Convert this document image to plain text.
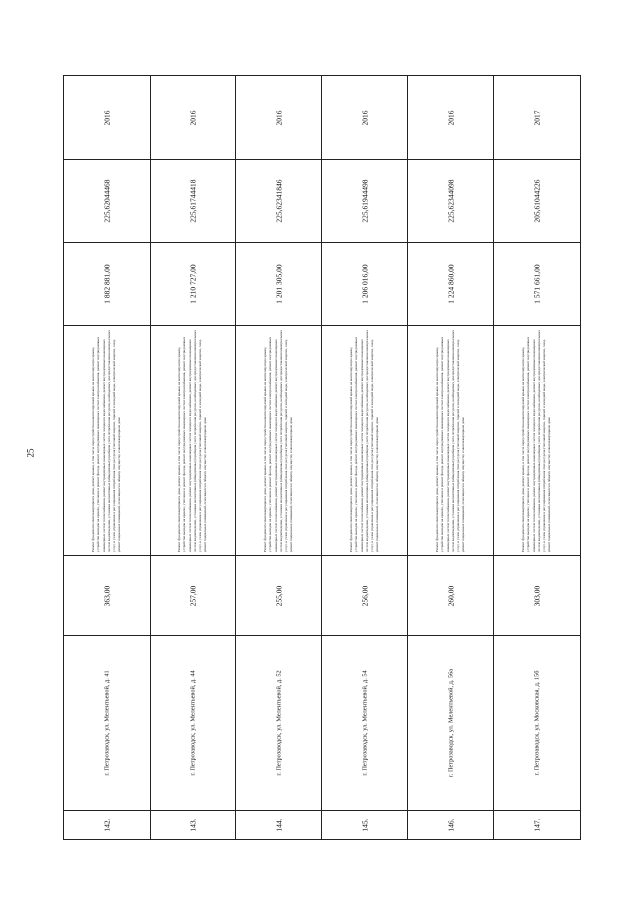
25
2016
225,62044468
1 882 881,00
Ремонт фундамента многоквартирного дома, ремонт крыши, в том числе переустройство невентилируемой крыши на вентилируемую крышу, устройство выходов на кровлю, утепление и ремонт фасада, ремонт внутридомовых инженерных систем электроснабжения, ремонт внутридомовых инженерных систем теплоснабжения, ремонт внутридомовых инженерных систем холодного водоснабжения, ремонт внутридомовых инженерных систем водоотведения, установка коллективных (общедомовых) приборов учета потребления ресурсов, необходимых для предоставления коммунальных услуг, и узлов управления и регулирования потребления этих ресурсов (тепловой энергии, горячей и холодной воды, электрической энергии, газа), ремонт подвальных помещений, относящихся к общему имуществу в многоквартирном доме
363,00
г. Петрозаводск, ул. Мелентьевой, д. 41
142.
2016
225,61744418
1 210 727,00
Ремонт фундамента многоквартирного дома, ремонт крыши, в том числе переустройство невентилируемой крыши на вентилируемую крышу, устройство выходов на кровлю, утепление и ремонт фасада, ремонт внутридомовых инженерных систем электроснабжения, ремонт внутридомовых инженерных систем теплоснабжения, ремонт внутридомовых инженерных систем холодного водоснабжения, ремонт внутридомовых инженерных систем водоотведения, установка коллективных (общедомовых) приборов учета потребления ресурсов, необходимых для предоставления коммунальных услуг, и узлов управления и регулирования потребления этих ресурсов (тепловой энергии, горячей и холодной воды, электрической энергии, газа), ремонт подвальных помещений, относящихся к общему имуществу в многоквартирном доме
257,00
г. Петрозаводск, ул. Мелентьевой, д. 44
143.
2016
225,62341846
1 201 305,00
Ремонт фундамента многоквартирного дома, ремонт крыши, в том числе переустройство невентилируемой крыши на вентилируемую крышу, устройство выходов на кровлю, утепление и ремонт фасада, ремонт внутридомовых инженерных систем электроснабжения, ремонт внутридомовых инженерных систем теплоснабжения, ремонт внутридомовых инженерных систем холодного водоснабжения, ремонт внутридомовых инженерных систем водоотведения, установка коллективных (общедомовых) приборов учета потребления ресурсов, необходимых для предоставления коммунальных услуг, и узлов управления и регулирования потребления этих ресурсов (тепловой энергии, горячей и холодной воды, электрической энергии, газа), ремонт подвальных помещений, относящихся к общему имуществу в многоквартирном доме
255,00
г. Петрозаводск, ул. Мелентьевой, д. 52
144.
2016
225,61944498
1 206 016,00
Ремонт фундамента многоквартирного дома, ремонт крыши, в том числе переустройство невентилируемой крыши на вентилируемую крышу, устройство выходов на кровлю, утепление и ремонт фасада, ремонт внутридомовых инженерных систем электроснабжения, ремонт внутридомовых инженерных систем теплоснабжения, ремонт внутридомовых инженерных систем холодного водоснабжения, ремонт внутридомовых инженерных систем водоотведения, установка коллективных (общедомовых) приборов учета потребления ресурсов, необходимых для предоставления коммунальных услуг, и узлов управления и регулирования потребления этих ресурсов (тепловой энергии, горячей и холодной воды, электрической энергии, газа), ремонт подвальных помещений, относящихся к общему имуществу в многоквартирном доме
256,00
г. Петрозаводск, ул. Мелентьевой, д. 54
145.
2016
225,62344098
1 224 860,00
Ремонт фундамента многоквартирного дома, ремонт крыши, в том числе переустройство невентилируемой крыши на вентилируемую крышу, устройство выходов на кровлю, утепление и ремонт фасада, ремонт внутридомовых инженерных систем электроснабжения, ремонт внутридомовых инженерных систем теплоснабжения, ремонт внутридомовых инженерных систем холодного водоснабжения, ремонт внутридомовых инженерных систем водоотведения, установка коллективных (общедомовых) приборов учета потребления ресурсов, необходимых для предоставления коммунальных услуг, и узлов управления и регулирования потребления этих ресурсов (тепловой энергии, горячей и холодной воды, электрической энергии, газа), ремонт подвальных помещений, относящихся к общему имуществу в многоквартирном доме
260,00
г. Петрозаводск, ул. Мелентьевой, д. 56а
146.
2017
205,61044226
1 571 661,00
Ремонт фундамента многоквартирного дома, ремонт крыши, в том числе переустройство невентилируемой крыши на вентилируемую крышу, устройство выходов на кровлю, утепление и ремонт фасада, ремонт внутридомовых инженерных систем электроснабжения, ремонт внутридомовых инженерных систем теплоснабжения, ремонт внутридомовых инженерных систем холодного водоснабжения, ремонт внутридомовых инженерных систем водоотведения, установка коллективных (общедомовых) приборов учета потребления ресурсов, необходимых для предоставления коммунальных услуг, и узлов управления и регулирования потребления этих ресурсов (тепловой энергии, горячей и холодной воды, электрической энергии, газа), ремонт подвальных помещений, относящихся к общему имуществу в многоквартирном доме
303,00
г. Петрозаводск, ул. Московская, д. 15б
147.
